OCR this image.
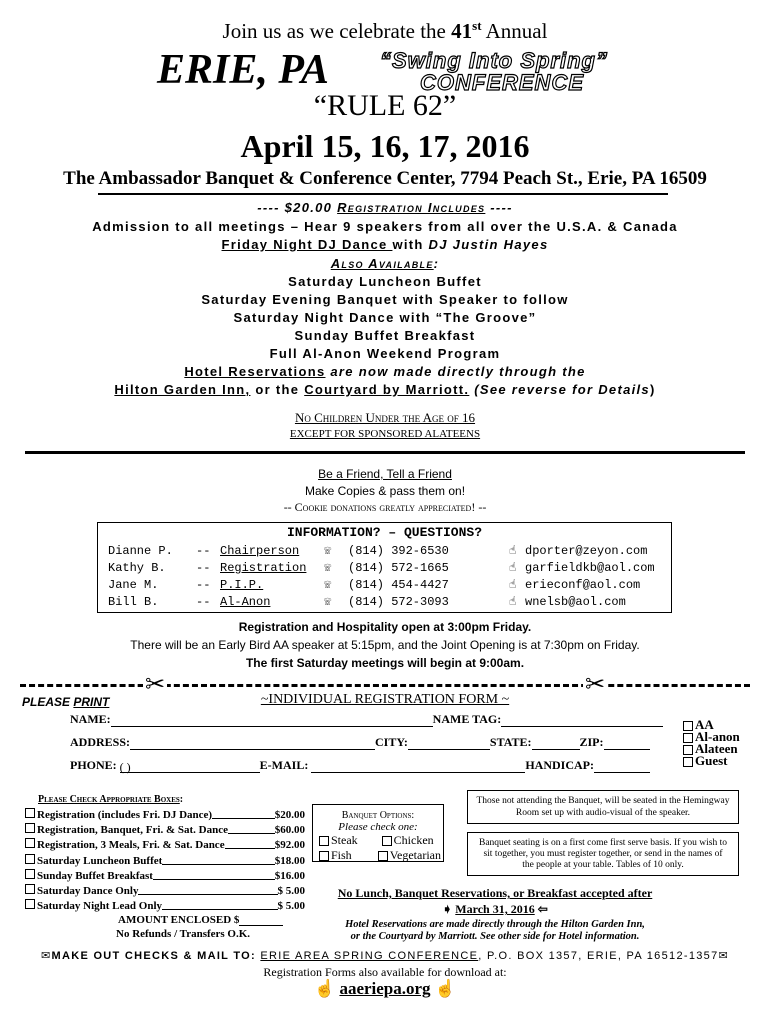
Join us as we celebrate the 41st Annual
ERIE, PA “Swing Into Spring”
CONFERENCE
“RULE 62”
April 15, 16, 17, 2016
The Ambassador Banquet & Conference Center, 7794 Peach St., Erie, PA 16509
---- $20.00 Registration Includes ----
Admission to all meetings – Hear 9 speakers from all over the U.S.A. & Canada
Friday Night DJ Dance with DJ Justin Hayes
Also Available:
Saturday Luncheon Buffet
Saturday Evening Banquet with Speaker to follow
Saturday Night Dance with “The Groove”
Sunday Buffet Breakfast
Full Al-Anon Weekend Program
Hotel Reservations are now made directly through the
Hilton Garden Inn, or the Courtyard by Marriott. (See reverse for Details)
No Children Under the Age of 16
EXCEPT FOR SPONSORED ALATEENS
Be a Friend, Tell a Friend
Make Copies & pass them on!
-- Cookie donations greatly appreciated! --
INFORMATION? – QUESTIONS?
Dianne P.	--	Chairperson	☏	(814) 392-6530	☝	dporter@zeyon.com
Kathy B.	--	Registration	☏	(814) 572-1665	☝	garfieldkb@aol.com
Jane M.	--	P.I.P.	☏	(814) 454-4427	☝	erieconf@aol.com
Bill B.	--	Al-Anon	☏	(814) 572-3093	☝	wnelsb@aol.com
Registration and Hospitality open at 3:00pm Friday.
There will be an Early Bird AA speaker at 5:15pm, and the Joint Opening is at 7:30pm on Friday.
The first Saturday meetings will begin at 9:00am.
✂	✂
PLEASE PRINT	~INDIVIDUAL REGISTRATION FORM ~
NAME:	NAME TAG:
ADDRESS:	CITY:	STATE:	ZIP:
PHONE: ( )	E-MAIL:	HANDICAP:
AA
Al-anon
Alateen
Guest
Please Check Appropriate Boxes:
Registration (includes Fri. DJ Dance)	$20.00
Registration, Banquet, Fri. & Sat. Dance	$60.00
Registration, 3 Meals, Fri. & Sat. Dance	$92.00
Saturday Luncheon Buffet	$18.00
Sunday Buffet Breakfast	$16.00
Saturday Dance Only	$ 5.00
Saturday Night Lead Only	$ 5.00
AMOUNT ENCLOSED $
No Refunds / Transfers O.K.
Banquet Options:
Please check one:
Steak	Chicken
Fish	Vegetarian
Those not attending the Banquet, will be seated in the Hemingway Room set up with audio-visual of the speaker.
Banquet seating is on a first come first serve basis. If you wish to sit together, you must register together, or send in the names of the people at your table. Tables of 10 only.
No Lunch, Banquet Reservations, or Breakfast accepted after
➧ March 31, 2016 ⇦
Hotel Reservations are made directly through the Hilton Garden Inn,
or the Courtyard by Marriott. See other side for Hotel information.
✉MAKE OUT CHECKS & MAIL TO: ERIE AREA SPRING CONFERENCE, P.O. BOX 1357, ERIE, PA 16512-1357✉
Registration Forms also available for download at:
☝ aaeriepa.org ☝
